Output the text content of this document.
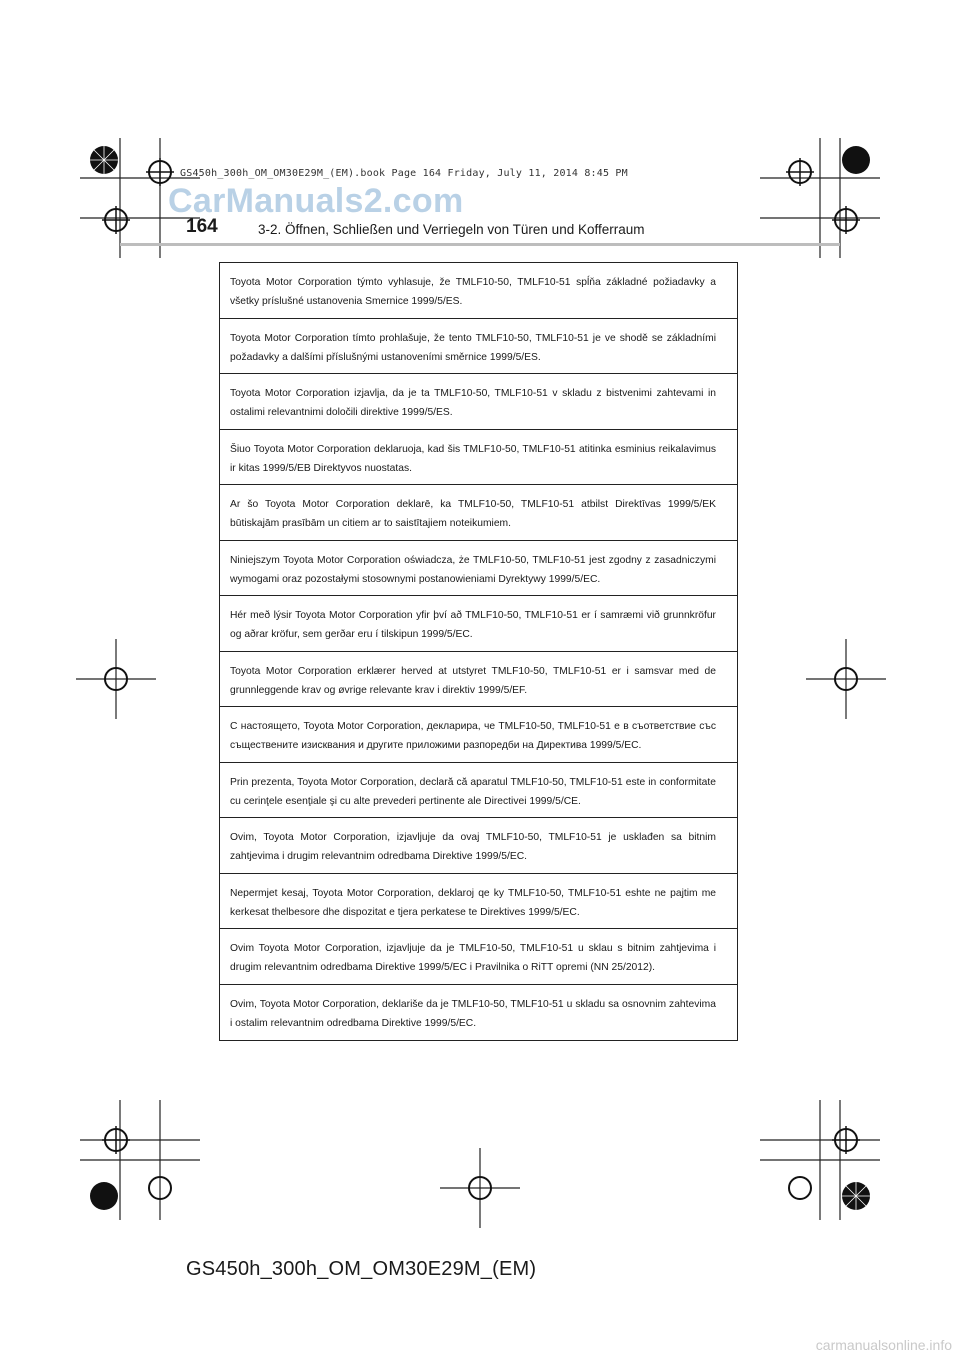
GS450h_300h_OM_OM30E29M_(EM).book Page 164 Friday, July 11, 2014 8:45 PM
CarManuals2.com
164	3-2. Öffnen, Schließen und Verriegeln von Türen und Kofferraum
Toyota Motor Corporation týmto vyhlasuje, že TMLF10-50, TMLF10-51 spĺňa základné požiadavky a všetky príslušné ustanovenia Smernice 1999/5/ES.
Toyota Motor Corporation tímto prohlašuje, že tento TMLF10-50, TMLF10-51 je ve shodě se základními požadavky a dalšími příslušnými ustanoveními směrnice 1999/5/ES.
Toyota Motor Corporation izjavlja, da je ta TMLF10-50, TMLF10-51 v skladu z bistvenimi zahtevami in ostalimi relevantnimi določili direktive 1999/5/ES.
Šiuo Toyota Motor Corporation deklaruoja, kad šis TMLF10-50, TMLF10-51 atitinka esminius reikalavimus ir kitas 1999/5/EB Direktyvos nuostatas.
Ar šo Toyota Motor Corporation deklarē, ka TMLF10-50, TMLF10-51 atbilst Direktīvas 1999/5/EK būtiskajām prasībām un citiem ar to saistītajiem noteikumiem.
Niniejszym Toyota Motor Corporation oświadcza, że TMLF10-50, TMLF10-51 jest zgodny z zasadniczymi wymogami oraz pozostałymi stosownymi postanowieniami Dyrektywy 1999/5/EC.
Hér með lýsir Toyota Motor Corporation yfir því að TMLF10-50, TMLF10-51 er í samræmi við grunnkröfur og aðrar kröfur, sem gerðar eru í tilskipun 1999/5/EC.
Toyota Motor Corporation erklærer herved at utstyret TMLF10-50, TMLF10-51 er i samsvar med de grunnleggende krav og øvrige relevante krav i direktiv 1999/5/EF.
С настоящето, Toyota Motor Corporation, декларира, че TMLF10-50, TMLF10-51 е в съответствие със съществените изисквания и другите приложими разпоредби на Директива 1999/5/EC.
Prin prezenta, Toyota Motor Corporation, declară că aparatul TMLF10-50, TMLF10-51 este in conformitate cu cerinţele esenţiale şi cu alte prevederi pertinente ale Directivei 1999/5/CE.
Ovim, Toyota Motor Corporation, izjavljuje da ovaj TMLF10-50, TMLF10-51 je usklađen sa bitnim zahtjevima i drugim relevantnim odredbama Direktive 1999/5/EC.
Nepermjet kesaj, Toyota Motor Corporation, deklaroj qe ky TMLF10-50, TMLF10-51 eshte ne pajtim me kerkesat thelbesore dhe dispozitat e tjera perkatese te Direktives 1999/5/EC.
Ovim Toyota Motor Corporation, izjavljuje da je TMLF10-50, TMLF10-51 u sklau s bitnim zahtjevima i drugim relevantnim odredbama Direktive 1999/5/EC i Pravilnika o RiTT opremi (NN 25/2012).
Ovim, Toyota Motor Corporation, deklariše da je TMLF10-50, TMLF10-51 u skladu sa osnovnim zahtevima i ostalim relevantnim odredbama Direktive 1999/5/EC.
GS450h_300h_OM_OM30E29M_(EM)
carmanualsonline.info
